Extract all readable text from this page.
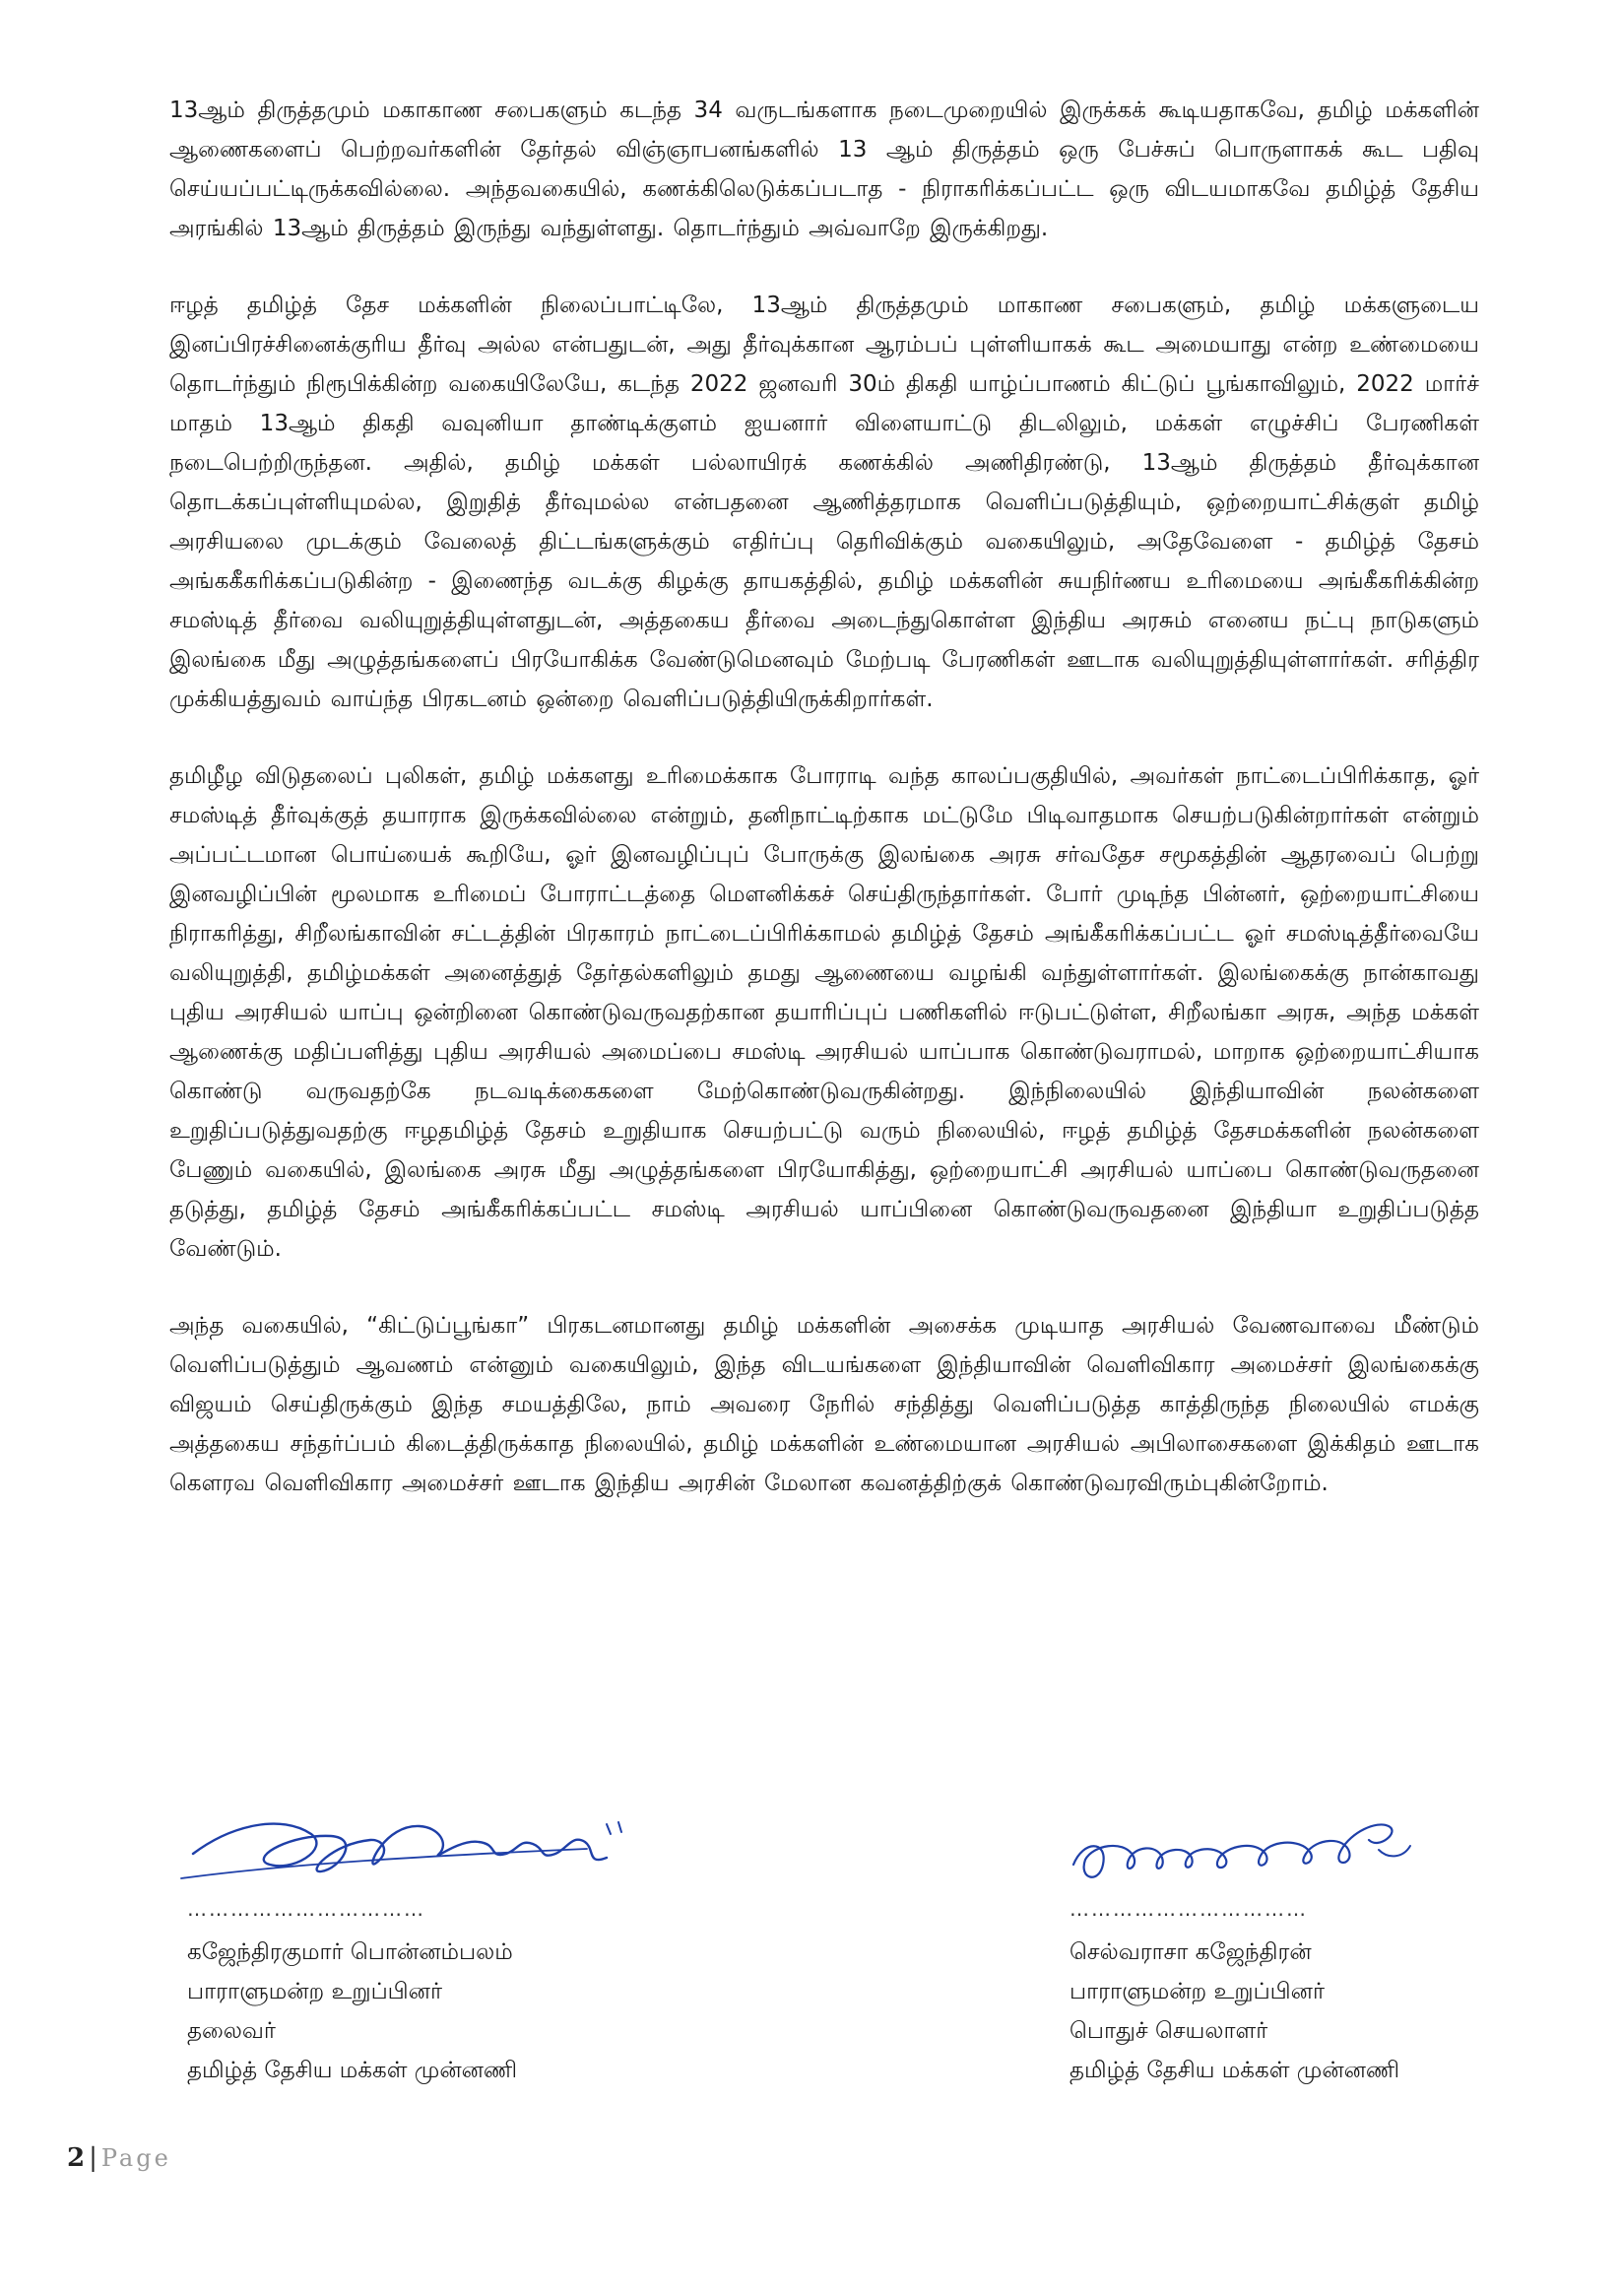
13ஆம் திருத்தமும் மகாகாண சபைகளும் கடந்த 34 வருடங்களாக நடைமுறையில் இருக்கக் கூடியதாகவே, தமிழ் மக்களின் ஆணைகளைப் பெற்றவர்களின் தேர்தல் விஞ்ஞாபனங்களில் 13 ஆம் திருத்தம் ஒரு பேச்சுப் பொருளாகக் கூட பதிவு செய்யப்பட்டிருக்கவில்லை. அந்தவகையில், கணக்கிலெடுக்கப்படாத - நிராகரிக்கப்பட்ட ஒரு விடயமாகவே தமிழ்த் தேசிய அரங்கில் 13ஆம் திருத்தம் இருந்து வந்துள்ளது. தொடர்ந்தும் அவ்வாறே இருக்கிறது.

ஈழத் தமிழ்த் தேச மக்களின் நிலைப்பாட்டிலே, 13ஆம் திருத்தமும் மாகாண சபைகளும், தமிழ் மக்களுடைய இனப்பிரச்சினைக்குரிய தீர்வு அல்ல என்பதுடன், அது தீர்வுக்கான ஆரம்பப் புள்ளியாகக் கூட அமையாது என்ற உண்மையை தொடர்ந்தும் நிரூபிக்கின்ற வகையிலேயே, கடந்த 2022 ஜனவரி 30ம் திகதி யாழ்ப்பாணம் கிட்டுப் பூங்காவிலும், 2022 மார்ச் மாதம் 13ஆம் திகதி வவுனியா தாண்டிக்குளம் ஐயனார் விளையாட்டு திடலிலும், மக்கள் எழுச்சிப் பேரணிகள் நடைபெற்றிருந்தன. அதில், தமிழ் மக்கள் பல்லாயிரக் கணக்கில் அணிதிரண்டு, 13ஆம் திருத்தம் தீர்வுக்கான தொடக்கப்புள்ளியுமல்ல, இறுதித் தீர்வுமல்ல என்பதனை ஆணித்தரமாக வெளிப்படுத்தியும், ஒற்றையாட்சிக்குள் தமிழ் அரசியலை முடக்கும் வேலைத் திட்டங்களுக்கும் எதிர்ப்பு தெரிவிக்கும் வகையிலும், அதேவேளை - தமிழ்த் தேசம் அங்ககீகரிக்கப்படுகின்ற - இணைந்த வடக்கு கிழக்கு தாயகத்தில், தமிழ் மக்களின் சுயநிர்ணய உரிமையை அங்கீகரிக்கின்ற சமஸ்டித் தீர்வை வலியுறுத்தியுள்ளதுடன், அத்தகைய தீர்வை அடைந்துகொள்ள இந்திய அரசும் எனைய நட்பு நாடுகளும் இலங்கை மீது அழுத்தங்களைப் பிரயோகிக்க வேண்டுமெனவும் மேற்படி பேரணிகள் ஊடாக வலியுறுத்தியுள்ளார்கள். சரித்திர முக்கியத்துவம் வாய்ந்த பிரகடனம் ஒன்றை வெளிப்படுத்தியிருக்கிறார்கள்.

தமிழீழ விடுதலைப் புலிகள், தமிழ் மக்களது உரிமைக்காக போராடி வந்த காலப்பகுதியில், அவர்கள் நாட்டைப்பிரிக்காத, ஓர் சமஸ்டித் தீர்வுக்குத் தயாராக இருக்கவில்லை என்றும், தனிநாட்டிற்காக மட்டுமே பிடிவாதமாக செயற்படுகின்றார்கள் என்றும் அப்பட்டமான பொய்யைக் கூறியே, ஓர் இனவழிப்புப் போருக்கு இலங்கை அரசு சர்வதேச சமூகத்தின் ஆதரவைப் பெற்று இனவழிப்பின் மூலமாக உரிமைப் போராட்டத்தை மௌனிக்கச் செய்திருந்தார்கள். போர் முடிந்த பின்னர், ஒற்றையாட்சியை நிராகரித்து, சிறீலங்காவின் சட்டத்தின் பிரகாரம் நாட்டைப்பிரிக்காமல் தமிழ்த் தேசம் அங்கீகரிக்கப்பட்ட ஓர் சமஸ்டித்தீர்வையே வலியுறுத்தி, தமிழ்மக்கள் அனைத்துத் தேர்தல்களிலும் தமது ஆணையை வழங்கி வந்துள்ளார்கள். இலங்கைக்கு நான்காவது புதிய அரசியல் யாப்பு ஒன்றினை கொண்டுவருவதற்கான தயாரிப்புப் பணிகளில் ஈடுபட்டுள்ள, சிறீலங்கா அரசு, அந்த மக்கள் ஆணைக்கு மதிப்பளித்து புதிய அரசியல் அமைப்பை சமஸ்டி அரசியல் யாப்பாக கொண்டுவராமல், மாறாக ஒற்றையாட்சியாக கொண்டு வருவதற்கே நடவடிக்கைகளை மேற்கொண்டுவருகின்றது. இந்நிலையில் இந்தியாவின் நலன்களை உறுதிப்படுத்துவதற்கு ஈழதமிழ்த் தேசம் உறுதியாக செயற்பட்டு வரும் நிலையில், ஈழத் தமிழ்த் தேசமக்களின் நலன்களை பேணும் வகையில், இலங்கை அரசு மீது அழுத்தங்களை பிரயோகித்து, ஒற்றையாட்சி அரசியல் யாப்பை கொண்டுவருதனை தடுத்து, தமிழ்த் தேசம் அங்கீகரிக்கப்பட்ட சமஸ்டி அரசியல் யாப்பினை கொண்டுவருவதனை இந்தியா உறுதிப்படுத்த வேண்டும்.

அந்த வகையில், “கிட்டுப்பூங்கா” பிரகடனமானது தமிழ் மக்களின் அசைக்க முடியாத அரசியல் வேணவாவை மீண்டும் வெளிப்படுத்தும் ஆவணம் என்னும் வகையிலும், இந்த விடயங்களை இந்தியாவின் வெளிவிகார அமைச்சர் இலங்கைக்கு விஜயம் செய்திருக்கும் இந்த சமயத்திலே, நாம் அவரை நேரில் சந்தித்து வெளிப்படுத்த காத்திருந்த நிலையில் எமக்கு அத்தகைய சந்தர்ப்பம் கிடைத்திருக்காத நிலையில், தமிழ் மக்களின் உண்மையான அரசியல் அபிலாசைகளை இக்கிதம் ஊடாக கௌரவ வெளிவிகார அமைச்சர் ஊடாக இந்திய அரசின் மேலான கவனத்திற்குக் கொண்டுவரவிரும்புகின்றோம்.

……………………………	……………………………
கஜேந்திரகுமார் பொன்னம்பலம்
பாராளுமன்ற உறுப்பினர்
தலைவர்
தமிழ்த் தேசிய மக்கள் முன்னணி
செல்வராசா கஜேந்திரன்
பாராளுமன்ற உறுப்பினர்
பொதுச் செயலாளர்
தமிழ்த் தேசிய மக்கள் முன்னணி
2 | Page
